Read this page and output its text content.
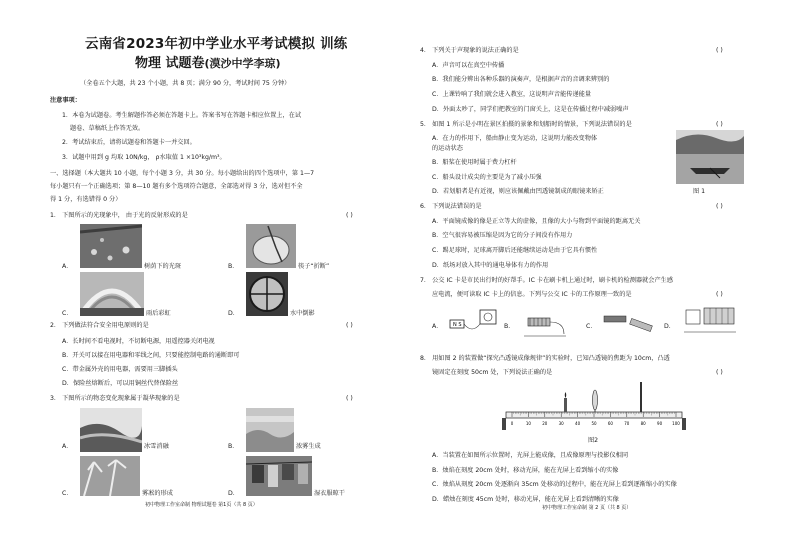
云南省2023年初中学业水平考试模拟 训练
物理 试题卷(漠沙中学李琼)
（全卷五个大题，共 23 个小题，共 8 页；满分 90 分，考试时间 75 分钟）
注意事项：
1．本卷为试题卷。考生解题作答必须在答题卡上。答案书写在答题卡相应位置上，在试
题卷、草稿纸上作答无效。
2．考试结束后，请将试题卷和答题卡一并交回。
3．试题中用到 g 均取 10N/kg， ρ水取值 1 ×10³kg/m³。
一、选择题（本大题共 10 小题，每个小题 3 分，共 30 分。每小题给出的四个选项中，第 1—7
每小题只有一个正确选项；第 8—10 题有多个选项符合题意，全部选对得 3 分，选对但不全
得 1 分，有选错得 0 分）
1． 下图所示的光现象中， 由于光的反射形成的是	( )
A．	树荫下的光斑	B．	筷子“折断”
C．	雨后彩虹	D．	水中倒影
2． 下列做法符合安全用电原则的是	( )
A．长时间不看电视时，不切断电源，用遥控器关闭电视
B．开关可以接在用电器和零线之间，只要能控制电路的通断即可
C．带金属外壳的用电器，需要用三脚插头
D．保险丝熔断后，可以用铜丝代替保险丝
3． 下图所示的物态变化现象属于凝华现象的是	( )
A．	冰雪消融	B．	浓雾生成
C．	雾凇的形成	D．	湿衣服晾干
初中物理工作室命制 物理试题卷 第1页（共 8 页）
4． 下列关于声现象的说法正确的是	( )
A．声音可以在真空中传播
B．我们能分辨出各种乐器的演奏声，是根据声音的音调来辨别的
C．上课铃响了我们就会进入教室，这说明声音能传递能量
D．外面太吵了，同学们把教室的门窗关上，这是在传播过程中减弱噪声
5． 如图 1 所示是小明在景区拍摄的景象和划船时的情景，下列说法错误的是	( )
A．在力的作用下，船由静止变为运动，这说明力能改变物体
的运动状态
B．船桨在使用时属于费力杠杆
C．船头设计成尖的主要是为了减小压强
D．若划船者是有近视，则应该佩戴由凹透镜制成的眼镜来矫正	图 1
6． 下列说法错误的是	( )
A．平面镜成像的像是正立等大的虚像，且像的大小与物到平面镜的距离无关
B．空气很容易被压缩是因为它的分子间没有作用力
C．踢足球时，足球离开脚后还能继续运动是由于它具有惯性
D．纸场对放入其中的通电导体有力的作用
7． 公交 IC 卡是市民出行时的好帮手。IC 卡在刷卡机上通过时，刷卡机的检测器就会产生感
应电流，便可读取 IC 卡上的信息。下列与公交 IC 卡的工作原理一致的是	( )
A． N S	B．	C．	D．
8． 用如图 2 的装置做“探究凸透镜成像规律”的实验时，已知凸透镜的焦距为 10cm，凸透
镜固定在刻度 50cm 处，下列说法正确的是	( )
0	10	20	30	40	50	60	70	80	90	100
图2
A．当装置在如图所示位置时，光屏上能成像，且成像原理与投影仪相同
B．烛焰在刻度 20cm 处时，移动光屏，能在光屏上看到缩小的实像
C．烛焰从刻度 20cm 处逐渐向 35cm 处移动的过程中，能在光屏上看到逐渐缩小的实像
D．蜡烛在刻度 45cm 处时，移动光屏，能在光屏上看到清晰的实像
初中物理工作室命制 第 2 页（共 8 页）
